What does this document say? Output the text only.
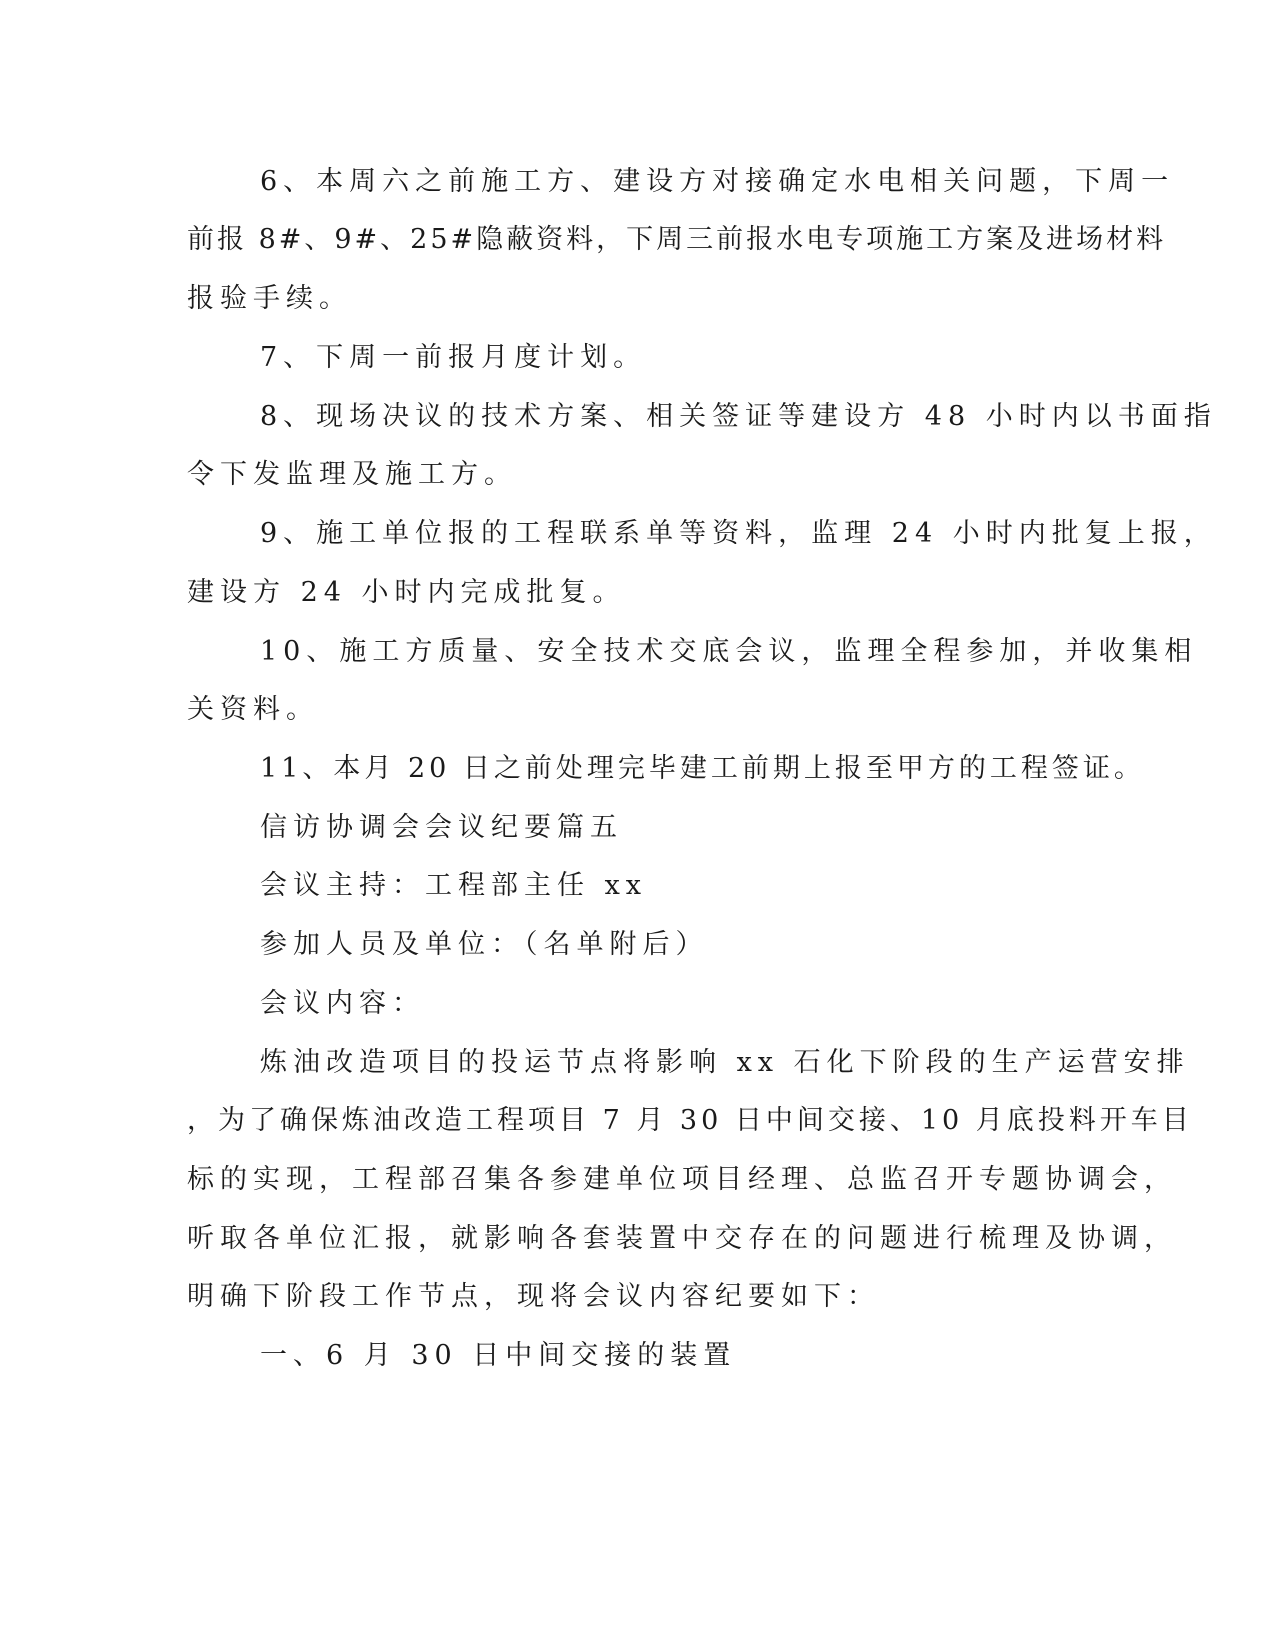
6、本周六之前施工方、建设方对接确定水电相关问题，下周一

前报 8#、9#、25#隐蔽资料，下周三前报水电专项施工方案及进场材料

报验手续。

7、下周一前报月度计划。

8、现场决议的技术方案、相关签证等建设方 48 小时内以书面指

令下发监理及施工方。

9、施工单位报的工程联系单等资料，监理 24 小时内批复上报，

建设方 24 小时内完成批复。

10、施工方质量、安全技术交底会议，监理全程参加，并收集相

关资料。

11、本月 20 日之前处理完毕建工前期上报至甲方的工程签证。

信访协调会会议纪要篇五

会议主持：工程部主任 xx

参加人员及单位：（名单附后）

会议内容：

炼油改造项目的投运节点将影响 xx 石化下阶段的生产运营安排

，为了确保炼油改造工程项目 7 月 30 日中间交接、10 月底投料开车目

标的实现，工程部召集各参建单位项目经理、总监召开专题协调会，

听取各单位汇报，就影响各套装置中交存在的问题进行梳理及协调，

明确下阶段工作节点，现将会议内容纪要如下：

一、6 月 30 日中间交接的装置
